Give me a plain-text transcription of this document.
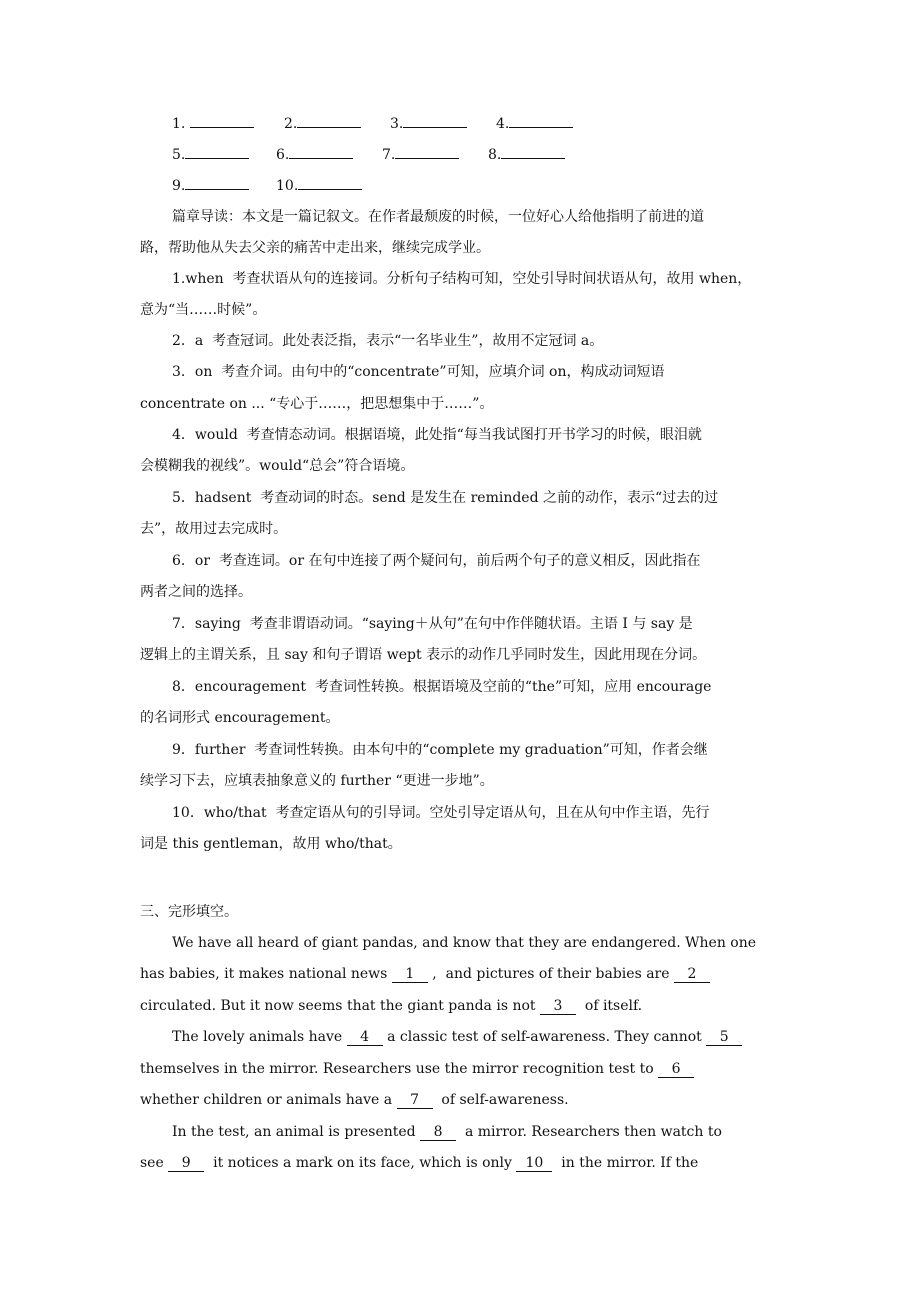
1.	2.	3.	4.
5.	6.	7.	8.
9.	10.
篇章导读：本文是一篇记叙文。在作者最颓废的时候，一位好心人给他指明了前进的道
路，帮助他从失去父亲的痛苦中走出来，继续完成学业。
1.when  考查状语从句的连接词。分析句子结构可知，空处引导时间状语从句，故用 when，
意为“当……时候”。
2．a  考查冠词。此处表泛指，表示“一名毕业生”，故用不定冠词 a。
3．on  考查介词。由句中的“concentrate”可知，应填介词 on，构成动词短语
concentrate on ... “专心于……，把思想集中于……”。
4．would  考查情态动词。根据语境，此处指“每当我试图打开书学习的时候，眼泪就
会模糊我的视线”。would“总会”符合语境。
5．hadsent  考查动词的时态。send 是发生在 reminded 之前的动作，表示“过去的过
去”，故用过去完成时。
6．or  考查连词。or 在句中连接了两个疑问句，前后两个句子的意义相反，因此指在
两者之间的选择。
7．saying  考查非谓语动词。“saying＋从句”在句中作伴随状语。主语 I 与 say 是
逻辑上的主谓关系，且 say 和句子谓语 wept 表示的动作几乎同时发生，因此用现在分词。
8．encouragement  考查词性转换。根据语境及空前的“the”可知，应用 encourage
的名词形式 encouragement。
9．further  考查词性转换。由本句中的“complete my graduation”可知，作者会继
续学习下去，应填表抽象意义的 further “更进一步地”。
10．who/that  考查定语从句的引导词。空处引导定语从句，且在从句中作主语，先行
词是 this gentleman，故用 who/that。
三、完形填空。
We have all heard of giant pandas, and know that they are endangered. When one
has babies, it makes national news 1 ,  and pictures of their babies are 2
circulated. But it now seems that the giant panda is not 3  of itself.
The lovely animals have 4 a classic test of self-awareness. They cannot 5
themselves in the mirror. Researchers use the mirror recognition test to 6
whether children or animals have a 7  of self-awareness.
In the test, an animal is presented 8  a mirror. Researchers then watch to
see 9  it notices a mark on its face, which is only 10  in the mirror. If the
